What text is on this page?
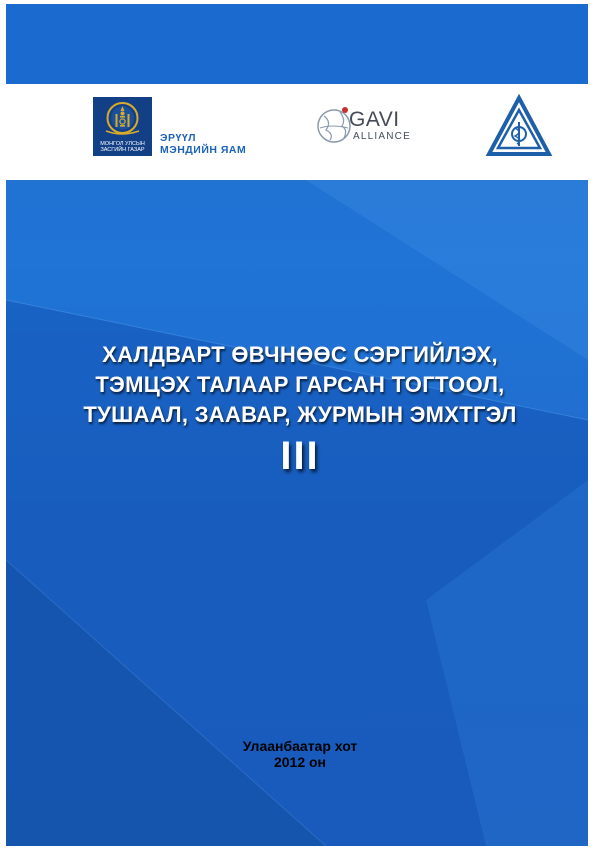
МОНГОЛ УЛСЫН
ЗАСГИЙН ГАЗАР
ЭРҮҮЛ
МЭНДИЙН ЯАМ
GAVI
ALLIANCE
ХАЛДВАРТ ӨВЧНӨӨС СЭРГИЙЛЭХ,
ТЭМЦЭХ ТАЛААР ГАРСАН ТОГТООЛ,
ТУШААЛ, ЗААВАР, ЖУРМЫН ЭМХТГЭЛ
III
Улаанбаатар хот
2012 он
